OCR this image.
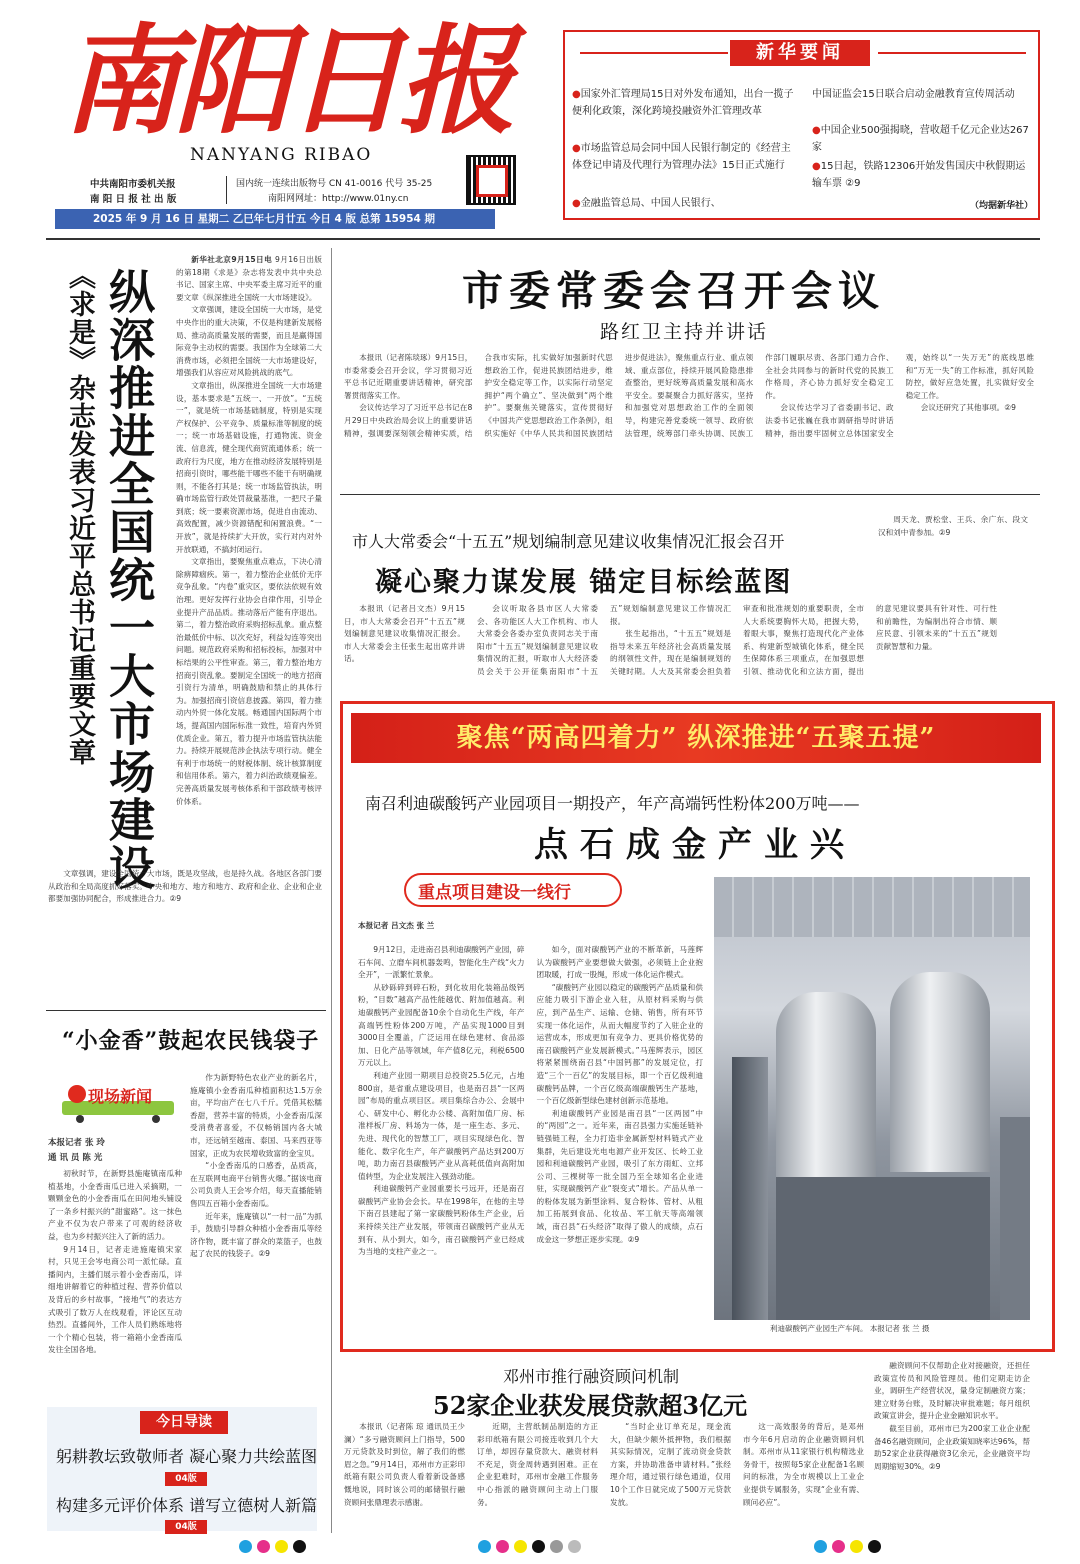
南阳日报
NANYANG RIBAO
中共南阳市委机关报
南 阳 日 报 社 出 版
国内统一连续出版物号 CN 41-0016 代号 35-25
南阳网网址：http://www.01ny.cn
2025 年 9 月 16 日 星期二 乙巳年七月廿五 今日 4 版 总第 15954 期
新华要闻
●国家外汇管理局15日对外发布通知，出台一揽子便利化政策，深化跨境投融资外汇管理改革
●市场监管总局会同中国人民银行制定的《经营主体登记申请及代理行为管理办法》15日正式施行
●金融监管总局、中国人民银行、
中国证监会15日联合启动金融教育宣传周活动
●中国企业500强揭晓，营收超千亿元企业达267家
●15日起，铁路12306开始发售国庆中秋假期运输车票 ②9
（均据新华社）
《求是》杂志发表习近平总书记重要文章 纵深推进全国统一大市场建设

新华社北京9月15日电 9月16日出版的第18期《求是》杂志将发表中共中央总书记、国家主席、中央军委主席习近平的重要文章《纵深推进全国统一大市场建设》。

文章强调，建设全国统一大市场，是党中央作出的重大决策，不仅是构建新发展格局、推动高质量发展的需要，而且是赢得国际竞争主动权的需要。我国作为全球第二大消费市场，必须把全国统一大市场建设好，增强我们从容应对风险挑战的底气。

文章指出，纵深推进全国统一大市场建设，基本要求是“五统一、一开放”。“五统一”，就是统一市场基础制度，特别是实现产权保护、公平竞争、质量标准等制度的统一；统一市场基础设施，打通物流、资金流、信息流，健全现代商贸流通体系；统一政府行为尺度，地方在推动经济发展特别是招商引资时，哪些能干哪些不能干有明确规则，不能各打其是；统一市场监管执法，明确市场监管行政处罚裁量基准，一把尺子量到底；统一要素资源市场，促进自由流动、高效配置，减少资源错配和闲置浪费。“一开放”，就是持续扩大开放，实行对内对外开放联通，不搞封闭运行。

文章指出，要聚焦重点难点，下决心清除痹障痼疾。第一，着力整治企业低价无序竞争乱象。“内卷”重灾区，要依法依规有效治理。更好发挥行业协会自律作用，引导企业提升产品品质。推动落后产能有序退出。第二，着力整治政府采购招标乱象。重点整治最低价中标、以次充好，利益勾连等突出问题。规范政府采购和招标投标，加强对中标结果的公平性审查。第三，着力整治地方招商引资乱象。要制定全国统一的地方招商引资行为清单，明确鼓励和禁止的具体行为。加强招商引资信息披露。第四，着力推动内外贸一体化发展。畅通国内国际两个市场，提高国内国际标准一致性，培育内外贸优质企业。第五，着力提升市场监管执法能力。持续开展规范涉企执法专项行动。健全有利于市场统一的财税体制、统计核算制度和信用体系。第六，着力纠治政绩观偏差。完善高质量发展考核体系和干部政绩考核评价体系。

文章强调，建设全国统一大市场，既是攻坚战，也是持久战。各地区各部门要从政治和全局高度抓好落实。中央和地方、地方和地方、政府和企业、企业和企业都要加强协同配合，形成推进合力。②9

市委常委会召开会议
路红卫主持并讲话

本报讯（记者陈琰琢）9月15日，市委常委会召开会议，学习贯彻习近平总书记近期重要讲话精神，研究部署贯彻落实工作。

会议传达学习了习近平总书记在8月29日中央政治局会议上的重要讲话精神，强调要深刻领会精神实质，结合我市实际，扎实做好加强新时代思想政治工作，促进民族团结进步，维护安全稳定等工作，以实际行动坚定拥护“两个确立”、坚决做到“两个维护”。要聚焦关键落实，宣传贯彻好《中国共产党思想政治工作条例》，组织实施好《中华人民共和国民族团结进步促进法》，聚焦重点行业、重点领域、重点部位，持续开展风险隐患排查整治，更好统筹高质量发展和高水平安全。要凝聚合力抓好落实，坚持和加强党对思想政治工作的全面领导，构建完善党委统一领导、政府依法管理，统筹部门牵头协调、民族工作部门履职尽责、各部门通力合作、全社会共同参与的新时代党的民族工作格局，齐心协力抓好安全稳定工作。

会议传达学习了省委副书记、政法委书记张巍在我市调研指导时讲话精神，指出要牢固树立总体国家安全观，始终以“一失万无”的底线思维和“万无一失”的工作标准，抓好风险防控，做好应急处置，扎实做好安全稳定工作。

会议还研究了其他事项。②9

市人大常委会“十五五”规划编制意见建议收集情况汇报会召开
凝心聚力谋发展 锚定目标绘蓝图

本报讯（记者吕文杰）9月15日，市人大常委会召开“十五五”规划编制意见建议收集情况汇报会。市人大常委会主任张生起出席并讲话。

会议听取各县市区人大常委会、各功能区人大工作机构、市人大常委会各委办室负责同志关于南阳市“十五五”规划编制意见建议收集情况的汇报，听取市人大经济委员会关于公开征集南阳市“十五五”规划编制意见建议工作情况汇报。

张生起指出，“十五五”规划是指导未来五年经济社会高质量发展的纲领性文件，现在是编制规划的关键时期。人大及其常委会担负着审查和批准规划的重要职责，全市人大系统要胸怀大局，把握大势，着眼大事，聚焦打造现代化产业体系、构建新型城镇化体系，健全民生保障体系三项重点，在加强思想引领、推动优化和立法方面，提出的意见建议要具有针对性、可行性和前瞻性，为编制出符合市情、顺应民意、引领未来的“十五五”规划贡献智慧和力量。

周天龙、贾松堂、王兵、余广东、段文汉和刘中青参加。②9

聚焦“两高四着力” 纵深推进“五聚五提”
南召利迪碳酸钙产业园项目一期投产，年产高端钙性粉体200万吨——
点石成金产业兴
重点项目建设一线行
本报记者 吕文杰 张 兰

9月12日，走进南召县利迪碳酸钙产业园，碎石车间、立磨车间机器轰鸣，智能化生产线“火力全开”，一派繁忙景象。

从砂砾碎到碎石粉，到化妆用化装箱品级钙粉，“目数”越高产品性能越优、附加值越高。利迪碳酸钙产业园配备10余个自动化生产线，年产高端钙性粉体200万吨，产品实现1000目到3000目全覆盖，广泛运用在绿色建材、食品添加、日化产品等领域，年产值8亿元，利税6500万元以上。

利迪产业园一期项目总投资25.5亿元，占地800亩，是省重点建设项目，也是南召县“一区两园”布局的重点项目区。项目集综合办公、会展中心、研发中心、孵化办公楼、高附加值厂房、标准样板厂房、料场为一体，是一座生态、多元、先进、现代化的智慧工厂，项目实现绿色化、智能化、数字化生产，年产碳酸钙产品达到200万吨，助力南召县碳酸钙产业从高耗低值向高附加值转型，为企业发展注入强劲动能。

利迪碳酸钙产业园重要长弓远开，还是南召碳酸钙产业协会会长。早在1998年，在他的主导下南召县建起了第一家碳酸钙粉体生产企业，后来持续关注产业发展，带领南召碳酸钙产业从无到有、从小到大，如今，南召碳酸钙产业已经成为当地的支柱产业之一。

如今，面对碳酸钙产业的不断革新，马莲辉认为碳酸钙产业要想做大做强，必须链上企业抱团取暖，打成一股绳，形成一体化运作模式。

“碳酸钙产业园以稳定的碳酸钙产品质量和供应能力吸引下游企业入驻，从原材料采购与供应，到产品生产、运输、仓储、销售，所有环节实现一体化运作，从而大幅度节约了入驻企业的运营成本，形成更加有竞争力、更具价格优势的南召碳酸钙产业发展新模式。”马莲辉表示，园区将紧紧围绕南召县“中国钙都”的发展定位，打造“三个一百亿”的发展目标，即一个百亿级利迪碳酸钙品牌，一个百亿级高端碳酸钙生产基地，一个百亿级新型绿色建材创新示范基地。

利迪碳酸钙产业园是南召县“一区两园”中的“两园”之一。近年来，南召县强力实施延链补链强链工程，全力打造非金属新型材料链式产业集群，先后建设光电电源产业开发区、长岭工业园和利迪碳酸钙产业园，吸引了东方雨虹、立邦公司、三棵树等一批全国乃至全球知名企业进驻，实现碳酸钙产业“裂变式”增长。产品从单一的粉体发展为新型涂料、复合粉体、管材、从粗加工拓展到食品、化妆品、军工航天等高端领域，南召县“石头经济”取得了傲人的成绩，点石成金这一梦想正逐步实现。②9

利迪碳酸钙产业园生产车间。 本报记者 张 兰 摄
“小金香”鼓起农民钱袋子
现场新闻
本报记者 张 玲
通 讯 员 陈 光

初秋时节，在新野县施庵镇南瓜种植基地，小金香南瓜已进入采摘期，一颗颗金色的小金香南瓜在田间地头铺设了一条乡村振兴的“甜蜜路”。这一抹色产业不仅为农户带来了可观的经济收益，也为乡村振兴注入了新的活力。

9月14日，记者走进施庵镇宋家村，只见王会岑电商公司一派忙碌。直播间内，主播们展示着小金香南瓜，详细地讲解着它的种植过程、营养价值以及背后的乡村故事，“接地气”的表达方式吸引了数万人在线观看，评论区互动热烈。直播间外，工作人员们熟练地将一个个精心包装，将一箱箱小金香南瓜发往全国各地。

作为新野特色农业产业的新名片，施庵镇小金香南瓜种植面积达1.5万余亩，平均亩产在七八千斤。凭借其松糯香甜，营养丰富的特质，小金香南瓜深受消费者喜爱，不仅畅销国内各大城市，还远销至越南、泰国、马来西亚等国家，正成为农民增收致富的金宝贝。

“小金香南瓜的口感香，品质高，在互联网电商平台销售火爆。”据该电商公司负责人王会岑介绍，每天直播能销售四五百箱小金香南瓜。

近年来，施庵镇以“一村一品”为抓手，鼓励引导群众种植小金香南瓜等经济作物，既丰富了群众的菜篮子，也鼓起了农民的钱袋子。②9

今日导读
躬耕教坛致敬师者 凝心聚力共绘蓝图
04版
构建多元评价体系 谱写立德树人新篇
04版
邓州市推行融资顾问机制
52家企业获发展贷款超3亿元

本报讯（记者陈 琼 通讯员王少澜）“多亏融资顾问上门指导，500万元贷款及时到位，解了我们的燃眉之急。”9月14日，邓州市方正彩印纸箱有限公司负责人看着新设备感慨地说，同时该公司的邮储银行融资顾问张鼎理表示感谢。

近期，主营纸制品制造的方正彩印纸箱有限公司接连收到几个大订单，却因存量贷款大、融资材料不充足，资金周转遇到困难。正在企业犯难时，邓州市金融工作服务中心指派的融资顾问主动上门服务。

“当时企业订单充足，现金流大，但缺少额外抵押物，我们根据其实际情况，定制了流动资金贷款方案，并协助准备申请材料。”张经理介绍，通过银行绿色通道，仅用10个工作日就完成了500万元贷款发放。

这一高效服务的背后，是邓州市今年6月启动的企业融资顾问机制。邓州市从11家银行机构精选业务骨干，按照每5家企业配备1名顾问的标准，为全市规模以上工业企业提供专属服务，实现“企业有需、顾问必应”。

融资顾问不仅帮助企业对接融资，还担任政策宣传员和风险管理员。他们定期走访企业，调研生产经营状况，量身定制融资方案；建立财务台账，及时解决审批难题；每月组织政策宣讲会，提升企业金融知识水平。

截至目前，邓州市已为200家工业企业配备46名融资顾问，企业政策知晓率达96%，帮助52家企业获得融资3亿余元，企业融资平均周期缩短30%。②9
